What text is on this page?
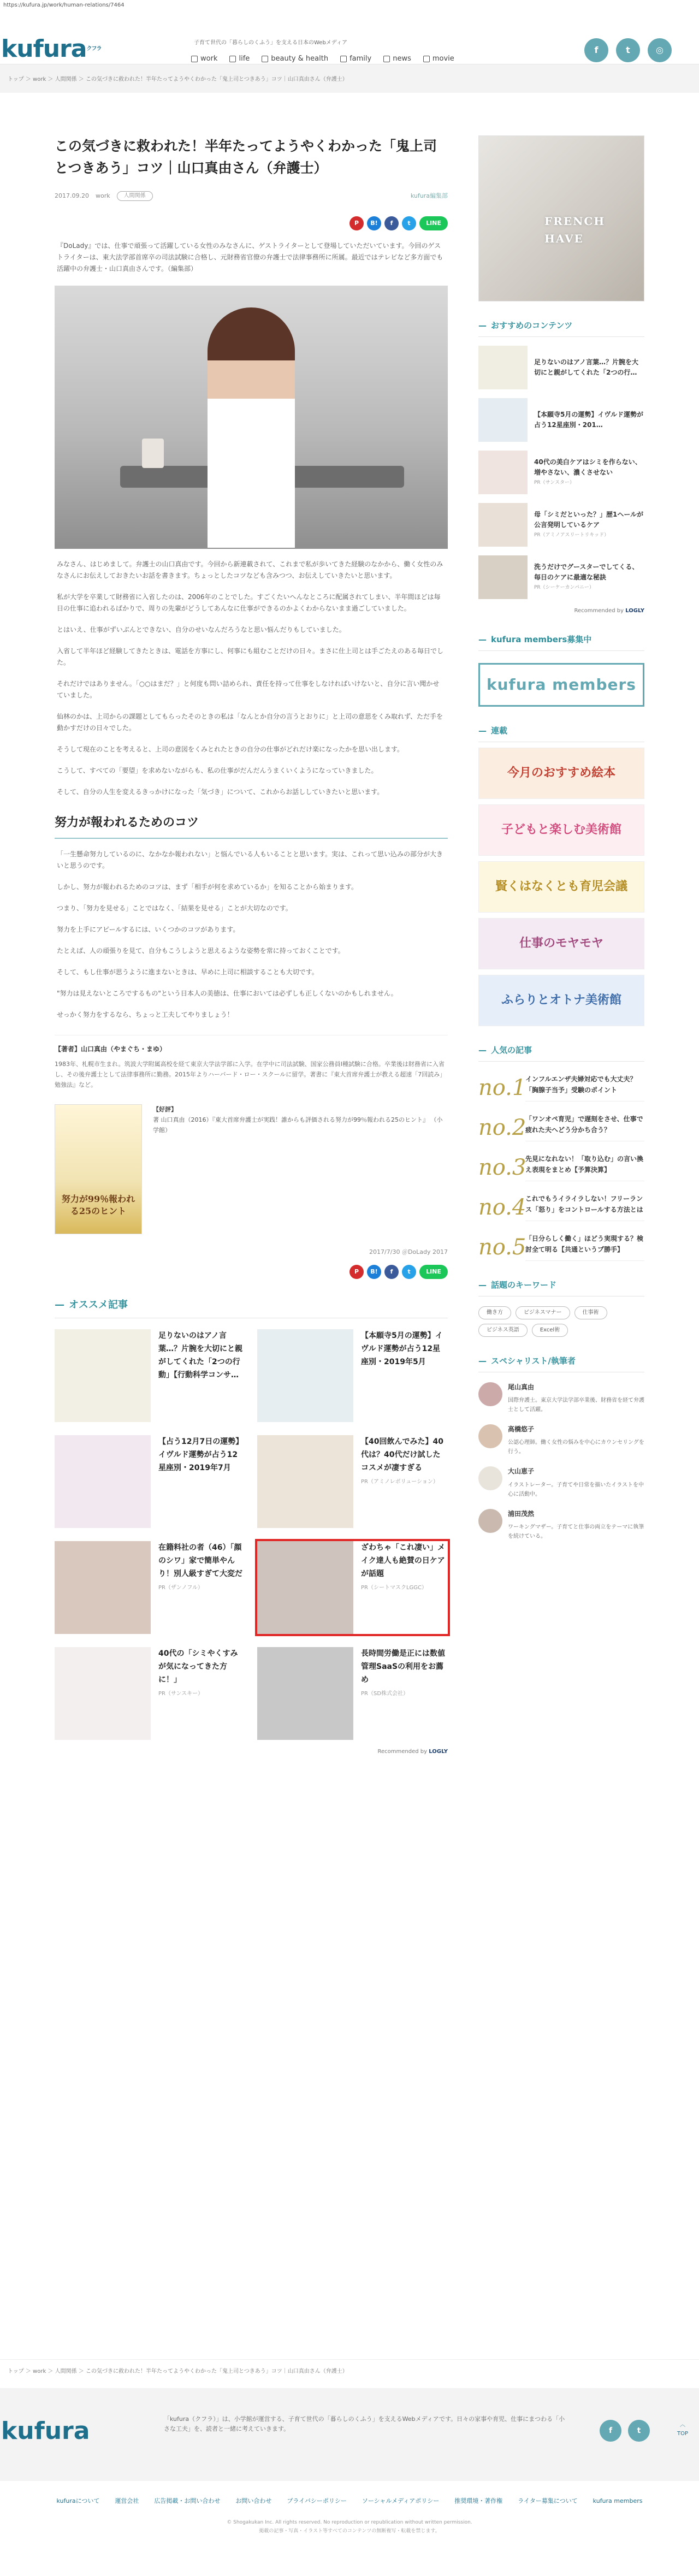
https://kufura.jp/work/human-relations/7464
kufuraクフラ
子育て世代の「暮らしのくふう」を支える日本のWebメディア
work	life	beauty & health	family	news	movie
f	t	◎
トップ ＞ work ＞ 人間関係 ＞ この気づきに救われた！半年たってようやくわかった「鬼上司とつきあう」コツ｜山口真由さん（弁護士）
この気づきに救われた！半年たってようやくわかった「鬼上司とつきあう」コツ｜山口真由さん（弁護士）
2017.09.20 work	人間関係	kufura編集部
P	B!	f	t	LINE
『DoLady』では、仕事で頑張って活躍している女性のみなさんに、ゲストライターとして登場していただいています。今回のゲストライターは、東大法学部首席卒の司法試験に合格し、元財務省官僚の弁護士で法律事務所に所属。最近ではテレビなど多方面でも活躍中の弁護士・山口真由さんです。（編集部）

みなさん、はじめまして。弁護士の山口真由です。今回から新連載されて、これまで私が歩いてきた経験のなかから、働く女性のみなさんにお伝えしておきたいお話を書きます。ちょっとしたコツなども含みつつ、お伝えしていきたいと思います。

私が大学を卒業して財務省に入省したのは、2006年のことでした。すごくたいへんなところに配属されてしまい、半年間ほどは毎日の仕事に追われるばかりで、周りの先輩がどうしてあんなに仕事ができるのかよくわからないまま過ごしていました。

とはいえ、仕事がずいぶんとできない、自分のせいなんだろうなと思い悩んだりもしていました。

入省して半年ほど経験してきたときは、電話を方事にし、何事にも組むことだけの日々。まさに仕上司とは手ごたえのある毎日でした。

それだけではありません。「○○はまだ？」と何度も問い詰められ、責任を持って仕事をしなければいけないと、自分に言い聞かせていました。

仙林のかは、上司からの課題としてもらったそのときの私は「なんとか自分の言うとおりに」と上司の意思をくみ取れず、ただ手を動かすだけの日々でした。

そうして現在のことを考えると、上司の意図をくみとれたときの自分の仕事がどれだけ楽になったかを思い出します。

こうして、すべての「要望」を求めないながらも、私の仕事がだんだんうまくいくようになっていきました。

そして、自分の人生を変えるきっかけになった「気づき」について、これからお話ししていきたいと思います。

努力が報われるためのコツ

「一生懸命努力しているのに、なかなか報われない」と悩んでいる人もいることと思います。実は、これって思い込みの部分が大きいと思うのです。

しかし、努力が報われるためのコツは、まず「相手が何を求めているか」を知ることから始まります。

つまり、「努力を見せる」ことではなく、「結果を見せる」ことが大切なのです。

努力を上手にアピールするには、いくつかのコツがあります。

たとえば、人の頑張りを見て、自分もこうしようと思えるような姿勢を常に持っておくことです。

そして、もし仕事が思うように進まないときは、早めに上司に相談することも大切です。

"努力は見えないところでするもの"という日本人の美徳は、仕事においては必ずしも正しくないのかもしれません。

せっかく努力をするなら、ちょっと工夫してやりましょう！

【著者】山口真由（やまぐち・まゆ）

1983年、札幌市生まれ。筑波大学附属高校を経て東京大学法学部に入学。在学中に司法試験、国家公務員I種試験に合格。卒業後は財務省に入省し、その後弁護士として法律事務所に勤務。2015年よりハーバード・ロー・スクールに留学。著書に『東大首席弁護士が教える超速「7回読み」勉強法』など。

努力が99％報われる25のヒント
【好評】
著 山口真由（2016）『東大首席弁護士が実践！誰からも評価される努力が99％報われる25のヒント』 （小学館）
2017/7/30 ＠DoLady 2017
P	B!	f	t	LINE
— オススメ記事
足りないのはアノ言葉…？片腕を大切にと親がしてくれた「2つの行動」【行動科学コンサ…
【本願寺5月の運勢】イヴルド運勢が占う12星座別・2019年5月
【占う12月7日の運勢】イヴルド運勢が占う12星座別・2019年7月
【40回飲んでみた】40代は？40代だけ試したコスメが凄すぎる
PR（アミノレボリューション）
在籍料社の者（46）「顔のシワ」家で簡単やんり！別人級すぎて大変だ
PR（ザンノフル）
ざわちゃ「これ凄い」メイク達人も絶賛の日ケアが話題
PR（シートマスクLGGC）
40代の「シミやくすみが気になってきた方に！」
PR（サンスキー）
長時間労働是正には数値管理SaaSの利用をお薦め
PR（SD株式会社）
Recommended by LOGLY
FRENCH HAVE
— おすすめのコンテンツ
足りないのはアノ言葉…？片腕を大切にと親がしてくれた「2つの行…
【本願寺5月の運勢】イヴルド運勢が占う12星座別・201…
40代の美白ケアはシミを作らない、増やさない、濃くさせない
PR（サンスター）
母「シミだといった？」歴1ヘールが公言発明しているケア
PR（アミノアスリートリキッド）
洗うだけでグースターでしてくる、毎日のケアに最適な秘訣
PR（シーケーカンパニー）
Recommended by LOGLY
— kufura members募集中
kufura members
— 連載
今月のおすすめ絵本
子どもと楽しむ美術館
賢くはなくとも育児会議
仕事のモヤモヤ
ふらりとオトナ美術館
— 人気の記事
no.1
インフルエンザ夫婦対応でも大丈夫？「胸腺子当予」受験のポイント
no.2
「ワンオペ育児」で遅刻をさせ、仕事で疲れた夫へどう分かち合う？
no.3
先見になれない！「取り込む」の言い換え表現をまとめ【予算決算】
no.4
これでもうイライラしない！フリーランス「怒り」をコントロールする方法とは
no.5
「日分らしく働く」ほどう実現する？検討全て明る【共通というプ勝手】
— 話題のキーワード
働き方	ビジネスマナー	仕事術
ビジネス英語	Excel術
— スペシャリスト/執筆者
尾山真由
国際弁護士。東京大学法学部卒業後、財務省を経て弁護士として活躍。
高橋悠子
公認心理師。働く女性の悩みを中心にカウンセリングを行う。
大山恵子
イラストレーター。子育てや日常を描いたイラストを中心に活動中。
浦田茂然
ワーキングマザー。子育てと仕事の両立をテーマに執筆を続けている。
トップ ＞ work ＞ 人間関係 ＞ この気づきに救われた！半年たってようやくわかった「鬼上司とつきあう」コツ｜山口真由さん（弁護士）
kufura	「kufura（クフラ）」は、小学館が運営する、子育て世代の「暮らしのくふう」を支えるWebメディアです。日々の家事や育児、仕事にまつわる「小さな工夫」を、読者と一緒に考えていきます。	f	t
︿
TOP
kufuraについて	運営会社	広告掲載・お問い合わせ	お問い合わせ	プライバシーポリシー	ソーシャルメディアポリシー	推奨環境・著作権	ライター募集について	kufura members
© Shogakukan Inc. All rights reserved. No reproduction or republication without written permission.
掲載の記事・写真・イラスト等すべてのコンテンツの無断複写・転載を禁じます。
